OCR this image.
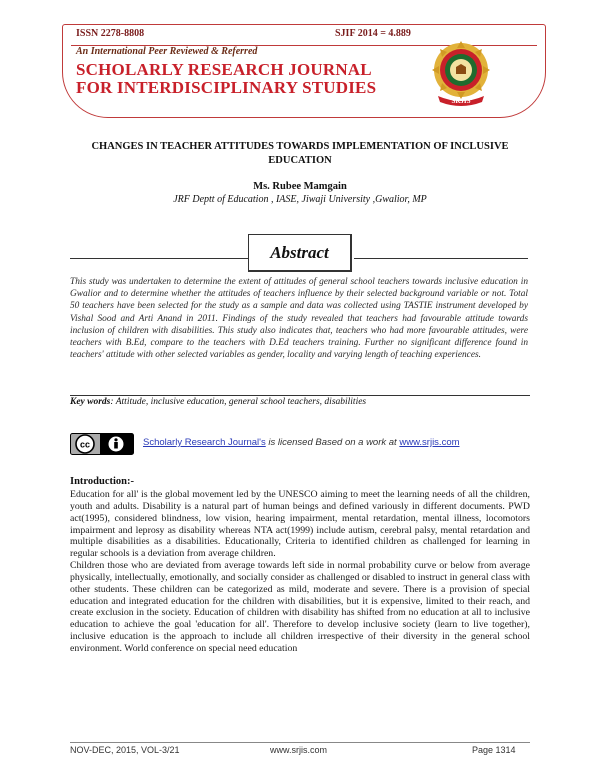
ISSN 2278-8808	SJIF 2014 = 4.889
An International Peer Reviewed & Referred
SCHOLARLY RESEARCH JOURNAL
FOR INTERDISCIPLINARY STUDIES
SRJIS
CHANGES IN TEACHER ATTITUDES TOWARDS IMPLEMENTATION OF INCLUSIVE EDUCATION
Ms. Rubee Mamgain
JRF Deptt of Education , IASE, Jiwaji University ,Gwalior, MP
Abstract
This study was undertaken to determine the extent of attitudes of general school teachers towards inclusive education in Gwalior and to determine whether the attitudes of teachers influence by their selected background variable or not. Total 50 teachers have been selected for the study as a sample and data was collected using TASTIE instrument developed by Vishal Sood and Arti Anand in 2011. Findings of the study revealed that teachers had favourable attitude towards inclusion of children with disabilities. This study also indicates that, teachers who had more favourable attitudes, were teachers with B.Ed, compare to the teachers with D.Ed teachers training. Further no significant difference found in teachers' attitude with other selected variables as gender, locality and varying length of teaching experiences.
Key words: Attitude, inclusive education, general school teachers, disabilities
cc	Scholarly Research Journal's is licensed Based on a work at www.srjis.com
Introduction:-

Education for all' is the global movement led by the UNESCO aiming to meet the learning needs of all the children, youth and adults. Disability is a natural part of human beings and defined variously in different documents. PWD act(1995), considered blindness, low vision, hearing impairment, mental retardation, mental illness, locomotors impairment and leprosy as disability whereas NTA act(1999) include autism, cerebral palsy, mental retardation and multiple disabilities as a disabilities. Educationally, Criteria to identified children as challenged for learning in regular schools is a deviation from average children.

Children those who are deviated from average towards left side in normal probability curve or below from average physically, intellectually, emotionally, and socially consider as challenged or disabled to instruct in general class with other students. These children can be categorized as mild, moderate and severe. There is a provision of special education and integrated education for the children with disabilities, but it is expensive, limited to their reach, and create exclusion in the society. Education of children with disability has shifted from no education at all to inclusive education to achieve the goal 'education for all'. Therefore to develop inclusive society (learn to live together), inclusive education is the approach to include all children irrespective of their diversity in the general school environment. World conference on special need education

NOV-DEC, 2015, VOL-3/21	www.srjis.com	Page 1314
